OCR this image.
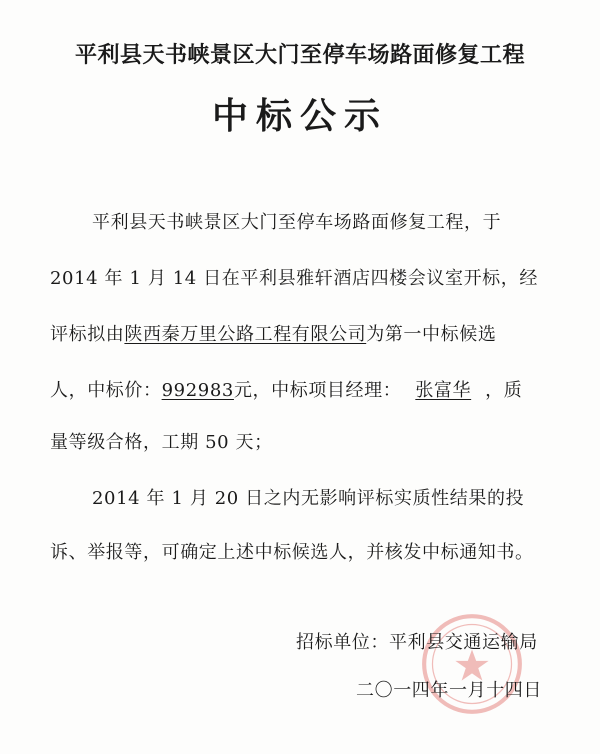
平利县天书峡景区大门至停车场路面修复工程
中标公示
平利县天书峡景区大门至停车场路面修复工程，于
2014 年 1 月 14 日在平利县雅轩酒店四楼会议室开标，经
评标拟由陕西秦万里公路工程有限公司为第一中标候选
人，中标价：992983元，中标项目经理： 张富华 ，质
量等级合格，工期 50 天；
2014 年 1 月 20 日之内无影响评标实质性结果的投
诉、举报等，可确定上述中标候选人，并核发中标通知书。
招标单位：平利县交通运输局
二〇一四年一月十四日
